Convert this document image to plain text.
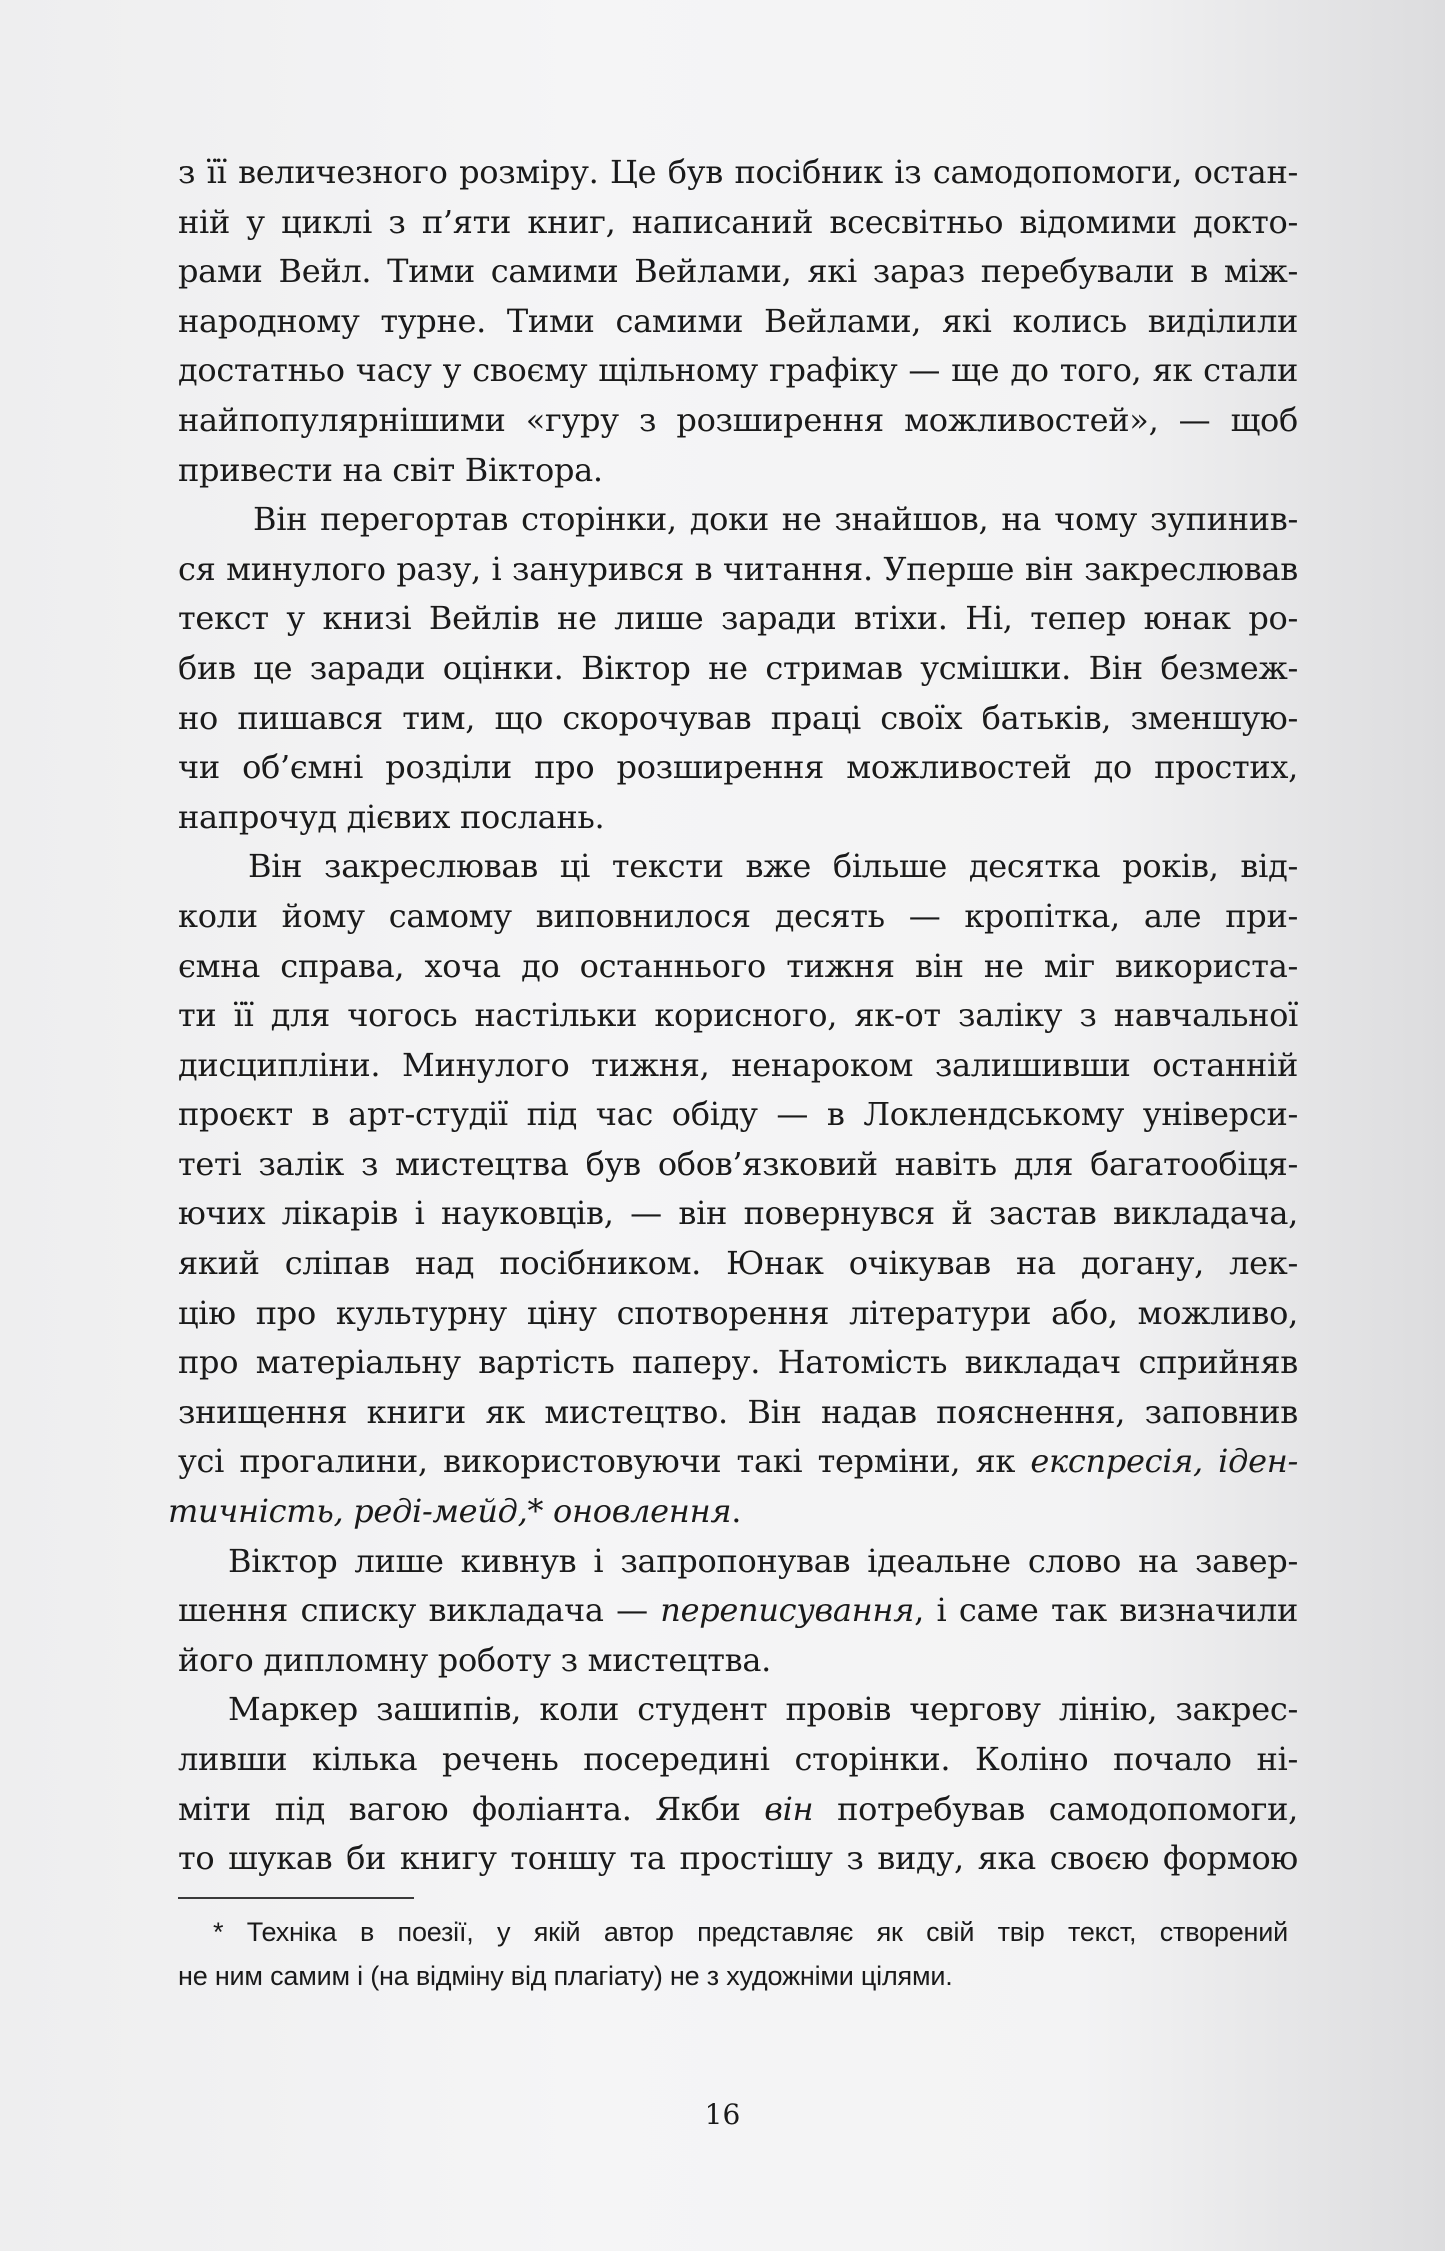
з її величезного розміру. Це був посібник із самодопомоги, остан-
ній у циклі з п’яти книг, написаний всесвітньо відомими докто-
рами Вейл. Тими самими Вейлами, які зараз перебували в між-
народному турне. Тими самими Вейлами, які колись виділили
достатньо часу у своєму щільному графіку — ще до того, як стали
найпопулярнішими «гуру з розширення можливостей», — щоб
привести на світ Віктора.
Він перегортав сторінки, доки не знайшов, на чому зупинив-
ся минулого разу, і занурився в читання. Уперше він закреслював
текст у книзі Вейлів не лише заради втіхи. Ні, тепер юнак ро-
бив це заради оцінки. Віктор не стримав усмішки. Він безмеж-
но пишався тим, що скорочував праці своїх батьків, зменшую-
чи об’ємні розділи про розширення можливостей до простих,
напрочуд дієвих послань.
Він закреслював ці тексти вже більше десятка років, від-
коли йому самому виповнилося десять — кропітка, але при-
ємна справа, хоча до останнього тижня він не міг використа-
ти її для чогось настільки корисного, як-от заліку з навчальної
дисципліни. Минулого тижня, ненароком залишивши останній
проєкт в арт-студії під час обіду — в Локлендському універси-
теті залік з мистецтва був обов’язковий навіть для багатообіця-
ючих лікарів і науковців, — він повернувся й застав викладача,
який сліпав над посібником. Юнак очікував на догану, лек-
цію про культурну ціну спотворення літератури або, можливо,
про матеріальну вартість паперу. Натомість викладач сприйняв
знищення книги як мистецтво. Він надав пояснення, заповнив
усі прогалини, використовуючи такі терміни, як експресія, іден-
тичність, реді-мейд,* оновлення.
Віктор лише кивнув і запропонував ідеальне слово на завер-
шення списку викладача — переписування, і саме так визначили
його дипломну роботу з мистецтва.
Маркер зашипів, коли студент провів чергову лінію, закрес-
ливши кілька речень посередині сторінки. Коліно почало ні-
міти під вагою фоліанта. Якби він потребував самодопомоги,
то шукав би книгу тоншу та простішу з виду, яка своєю формою
* Техніка в поезії, у якій автор представляє як свій твір текст, створений
не ним самим і (на відміну від плагіату) не з художніми цілями.
16
